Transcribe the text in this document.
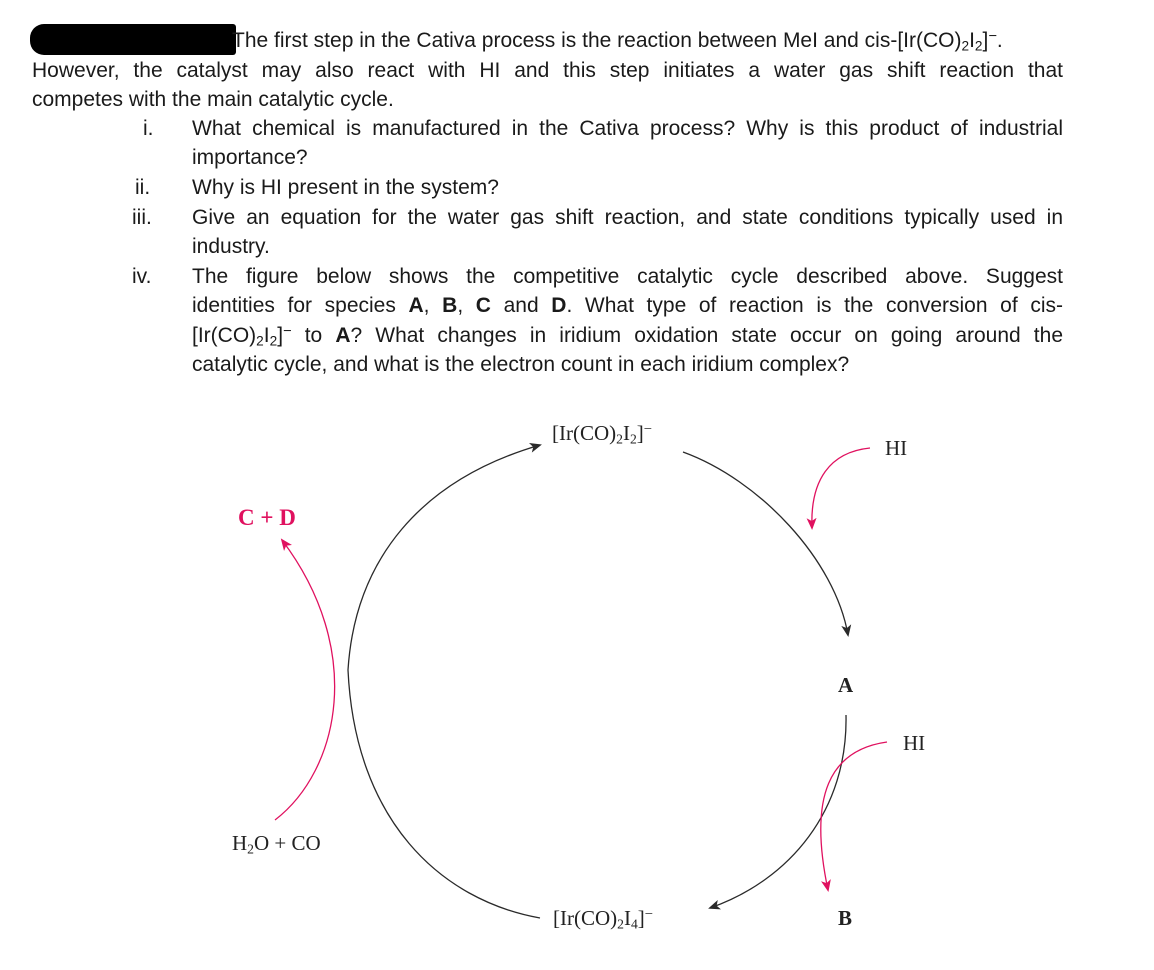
The first step in the Cativa process is the reaction between MeI and cis-$[Ir(CO)_2I_2]^-$.
However, the catalyst may also react with HI and this step initiates a water gas shift reaction that
competes with the main catalytic cycle.
i. What chemical is manufactured in the Cativa process? Why is this product of industrial
importance?
ii. Why is HI present in the system?
iii. Give an equation for the water gas shift reaction, and state conditions typically used in
industry.
iv. The figure below shows the competitive catalytic cycle described above. Suggest
identities for species A, B, C and D. What type of reaction is the conversion of cis-
$[Ir(CO)_2I_2]^-$ to A? What changes in iridium oxidation state occur on going around the
catalytic cycle, and what is the electron count in each iridium complex?
$[Ir(CO)_2I_2]^-$
HI
C + D
A
HI
$H_2O$ + CO
$[Ir(CO)_2I_4]^-$	B
